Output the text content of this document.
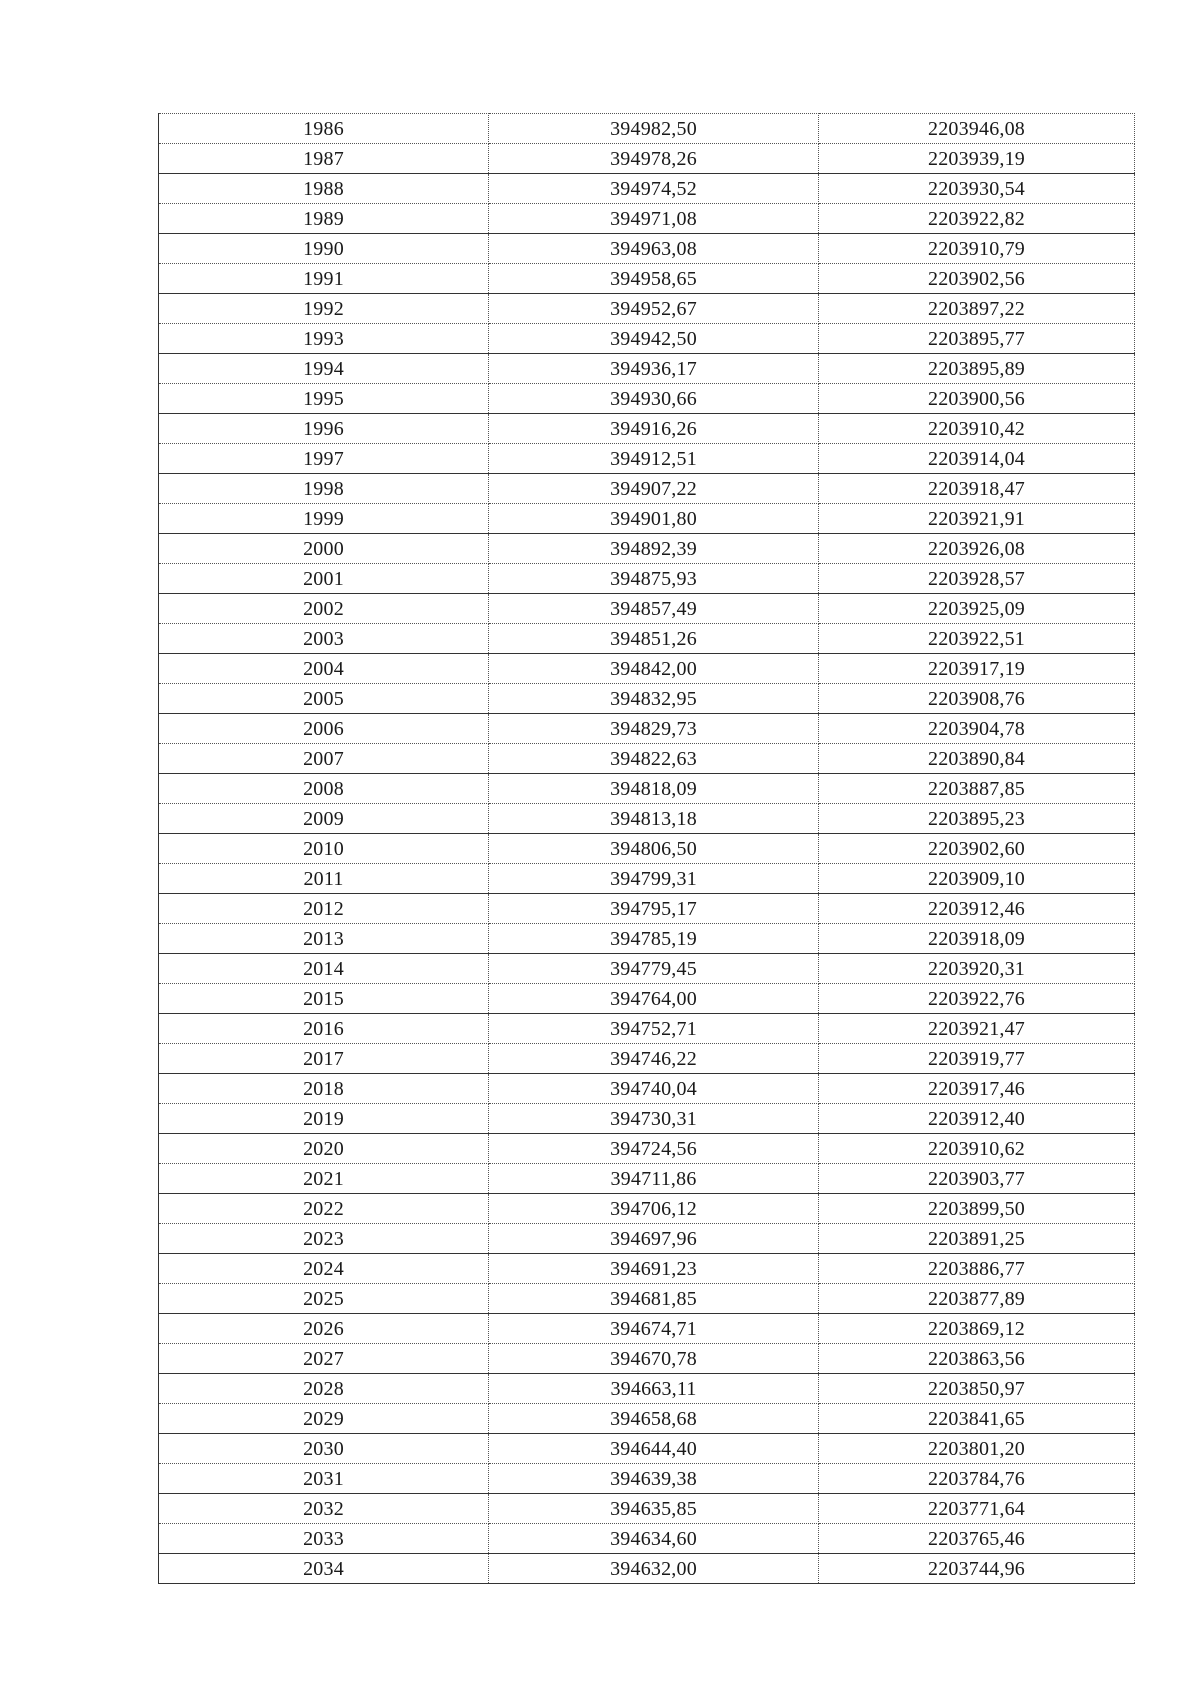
1986	394982,50	2203946,08
1987	394978,26	2203939,19
1988	394974,52	2203930,54
1989	394971,08	2203922,82
1990	394963,08	2203910,79
1991	394958,65	2203902,56
1992	394952,67	2203897,22
1993	394942,50	2203895,77
1994	394936,17	2203895,89
1995	394930,66	2203900,56
1996	394916,26	2203910,42
1997	394912,51	2203914,04
1998	394907,22	2203918,47
1999	394901,80	2203921,91
2000	394892,39	2203926,08
2001	394875,93	2203928,57
2002	394857,49	2203925,09
2003	394851,26	2203922,51
2004	394842,00	2203917,19
2005	394832,95	2203908,76
2006	394829,73	2203904,78
2007	394822,63	2203890,84
2008	394818,09	2203887,85
2009	394813,18	2203895,23
2010	394806,50	2203902,60
2011	394799,31	2203909,10
2012	394795,17	2203912,46
2013	394785,19	2203918,09
2014	394779,45	2203920,31
2015	394764,00	2203922,76
2016	394752,71	2203921,47
2017	394746,22	2203919,77
2018	394740,04	2203917,46
2019	394730,31	2203912,40
2020	394724,56	2203910,62
2021	394711,86	2203903,77
2022	394706,12	2203899,50
2023	394697,96	2203891,25
2024	394691,23	2203886,77
2025	394681,85	2203877,89
2026	394674,71	2203869,12
2027	394670,78	2203863,56
2028	394663,11	2203850,97
2029	394658,68	2203841,65
2030	394644,40	2203801,20
2031	394639,38	2203784,76
2032	394635,85	2203771,64
2033	394634,60	2203765,46
2034	394632,00	2203744,96
